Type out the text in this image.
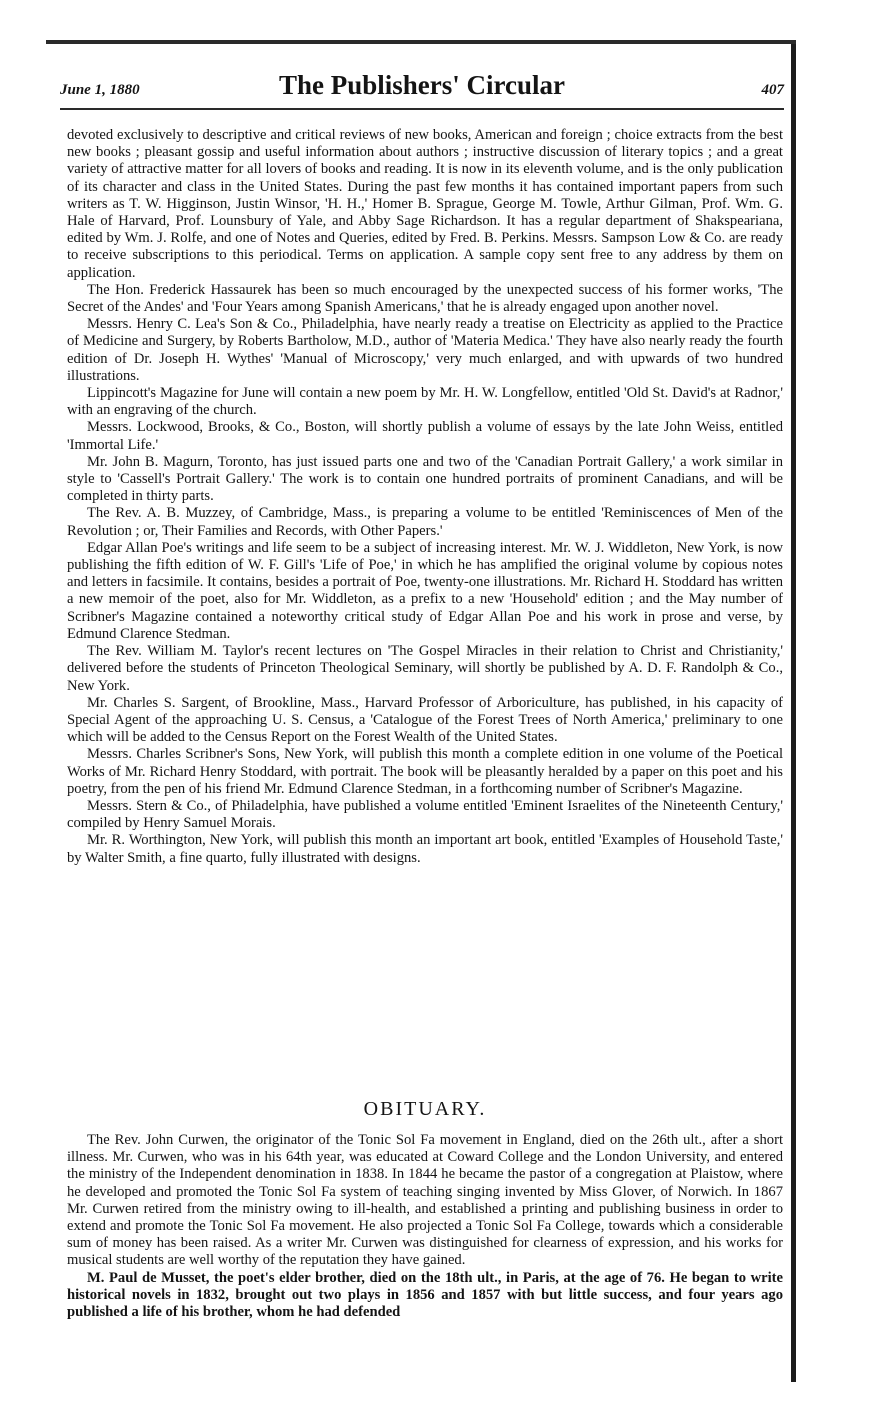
June 1, 1880	The Publishers' Circular	407

devoted exclusively to descriptive and critical reviews of new books, American and foreign ; choice extracts from the best new books ; pleasant gossip and useful information about authors ; instructive discussion of literary topics ; and a great variety of attractive matter for all lovers of books and reading. It is now in its eleventh volume, and is the only publication of its character and class in the United States. During the past few months it has contained important papers from such writers as T. W. Higginson, Justin Winsor, 'H. H.,' Homer B. Sprague, George M. Towle, Arthur Gilman, Prof. Wm. G. Hale of Harvard, Prof. Lounsbury of Yale, and Abby Sage Richardson. It has a regular department of Shakspeariana, edited by Wm. J. Rolfe, and one of Notes and Queries, edited by Fred. B. Perkins. Messrs. Sampson Low & Co. are ready to receive subscriptions to this periodical. Terms on application. A sample copy sent free to any address by them on application.

The Hon. Frederick Hassaurek has been so much encouraged by the unexpected success of his former works, 'The Secret of the Andes' and 'Four Years among Spanish Americans,' that he is already engaged upon another novel.

Messrs. Henry C. Lea's Son & Co., Philadelphia, have nearly ready a treatise on Electricity as applied to the Practice of Medicine and Surgery, by Roberts Bartholow, M.D., author of 'Materia Medica.' They have also nearly ready the fourth edition of Dr. Joseph H. Wythes' 'Manual of Microscopy,' very much enlarged, and with upwards of two hundred illustrations.

Lippincott's Magazine for June will contain a new poem by Mr. H. W. Longfellow, entitled 'Old St. David's at Radnor,' with an engraving of the church.

Messrs. Lockwood, Brooks, & Co., Boston, will shortly publish a volume of essays by the late John Weiss, entitled 'Immortal Life.'

Mr. John B. Magurn, Toronto, has just issued parts one and two of the 'Canadian Portrait Gallery,' a work similar in style to 'Cassell's Portrait Gallery.' The work is to contain one hundred portraits of prominent Canadians, and will be completed in thirty parts.

The Rev. A. B. Muzzey, of Cambridge, Mass., is preparing a volume to be entitled 'Reminiscences of Men of the Revolution ; or, Their Families and Records, with Other Papers.'

Edgar Allan Poe's writings and life seem to be a subject of increasing interest. Mr. W. J. Widdleton, New York, is now publishing the fifth edition of W. F. Gill's 'Life of Poe,' in which he has amplified the original volume by copious notes and letters in facsimile. It contains, besides a portrait of Poe, twenty-one illustrations. Mr. Richard H. Stoddard has written a new memoir of the poet, also for Mr. Widdleton, as a prefix to a new 'Household' edition ; and the May number of Scribner's Magazine contained a noteworthy critical study of Edgar Allan Poe and his work in prose and verse, by Edmund Clarence Stedman.

The Rev. William M. Taylor's recent lectures on 'The Gospel Miracles in their relation to Christ and Christianity,' delivered before the students of Princeton Theological Seminary, will shortly be published by A. D. F. Randolph & Co., New York.

Mr. Charles S. Sargent, of Brookline, Mass., Harvard Professor of Arboriculture, has published, in his capacity of Special Agent of the approaching U. S. Census, a 'Catalogue of the Forest Trees of North America,' preliminary to one which will be added to the Census Report on the Forest Wealth of the United States.

Messrs. Charles Scribner's Sons, New York, will publish this month a complete edition in one volume of the Poetical Works of Mr. Richard Henry Stoddard, with portrait. The book will be pleasantly heralded by a paper on this poet and his poetry, from the pen of his friend Mr. Edmund Clarence Stedman, in a forthcoming number of Scribner's Magazine.

Messrs. Stern & Co., of Philadelphia, have published a volume entitled 'Eminent Israelites of the Nineteenth Century,' compiled by Henry Samuel Morais.

Mr. R. Worthington, New York, will publish this month an important art book, entitled 'Examples of Household Taste,' by Walter Smith, a fine quarto, fully illustrated with designs.

OBITUARY.

The Rev. John Curwen, the originator of the Tonic Sol Fa movement in England, died on the 26th ult., after a short illness. Mr. Curwen, who was in his 64th year, was educated at Coward College and the London University, and entered the ministry of the Independent denomination in 1838. In 1844 he became the pastor of a congregation at Plaistow, where he developed and promoted the Tonic Sol Fa system of teaching singing invented by Miss Glover, of Norwich. In 1867 Mr. Curwen retired from the ministry owing to ill-health, and established a printing and publishing business in order to extend and promote the Tonic Sol Fa movement. He also projected a Tonic Sol Fa College, towards which a considerable sum of money has been raised. As a writer Mr. Curwen was distinguished for clearness of expression, and his works for musical students are well worthy of the reputation they have gained.

M. Paul de Musset, the poet's elder brother, died on the 18th ult., in Paris, at the age of 76. He began to write historical novels in 1832, brought out two plays in 1856 and 1857 with but little success, and four years ago published a life of his brother, whom he had defended
